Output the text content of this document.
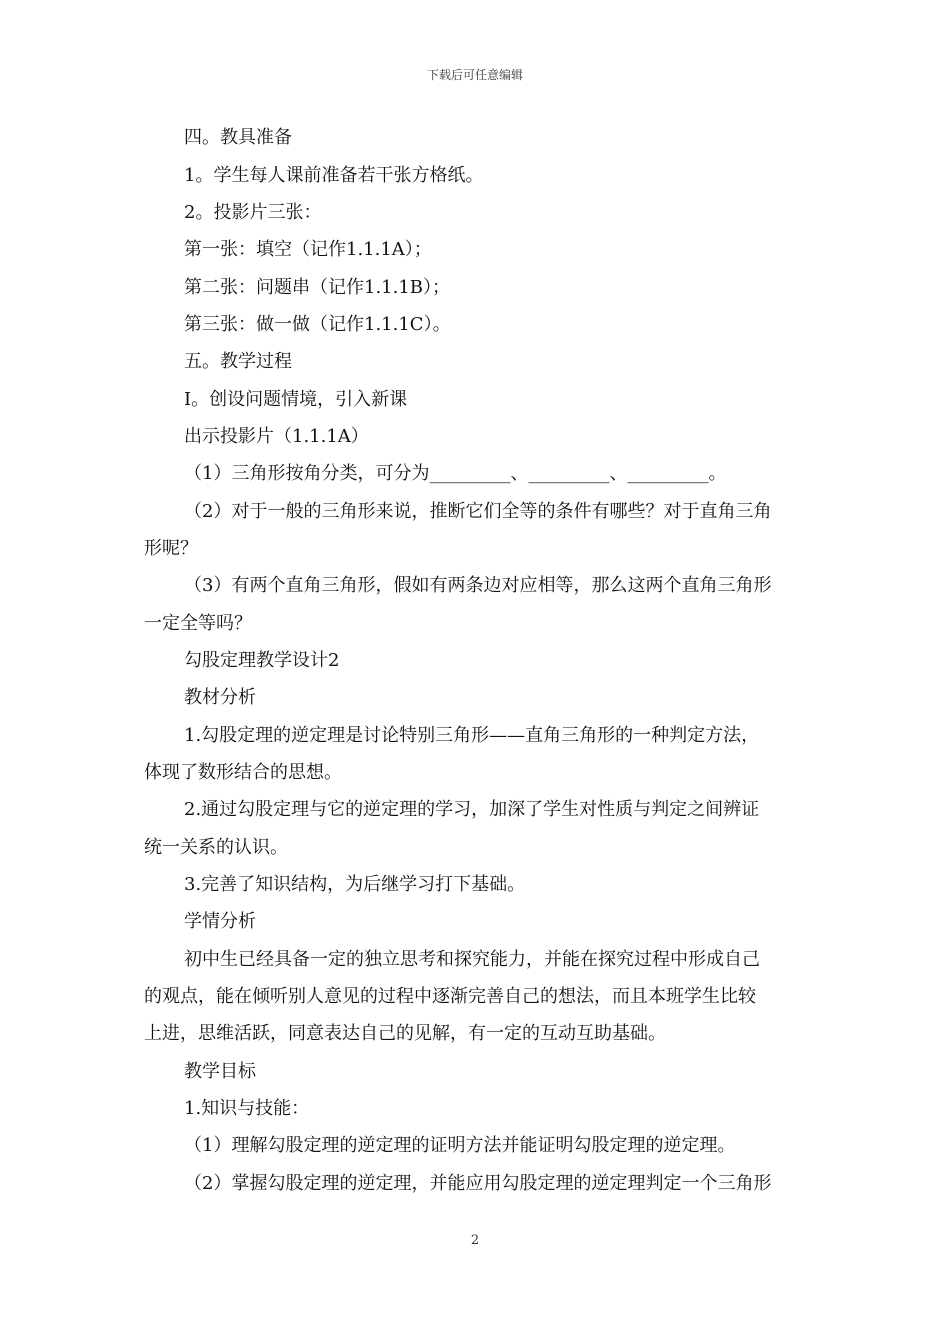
下载后可任意编辑
四。教具准备
1。学生每人课前准备若干张方格纸。
2。投影片三张：
第一张：填空（记作1.1.1A）；
第二张：问题串（记作1.1.1B）；
第三张：做一做（记作1.1.1C）。
五。教学过程
Ⅰ。创设问题情境，引入新课
出示投影片（1.1.1A）
（1）三角形按角分类，可分为_________、_________、_________。
（2）对于一般的三角形来说，推断它们全等的条件有哪些？对于直角三角
形呢？
（3）有两个直角三角形，假如有两条边对应相等，那么这两个直角三角形
一定全等吗？
勾股定理教学设计2
教材分析
1.勾股定理的逆定理是讨论特别三角形——直角三角形的一种判定方法，
体现了数形结合的思想。
2.通过勾股定理与它的逆定理的学习，加深了学生对性质与判定之间辨证
统一关系的认识。
3.完善了知识结构，为后继学习打下基础。
学情分析
初中生已经具备一定的独立思考和探究能力，并能在探究过程中形成自己
的观点，能在倾听别人意见的过程中逐渐完善自己的想法，而且本班学生比较
上进，思维活跃，同意表达自己的见解，有一定的互动互助基础。
教学目标
1.知识与技能：
（1）理解勾股定理的逆定理的证明方法并能证明勾股定理的逆定理。
（2）掌握勾股定理的逆定理，并能应用勾股定理的逆定理判定一个三角形
2
